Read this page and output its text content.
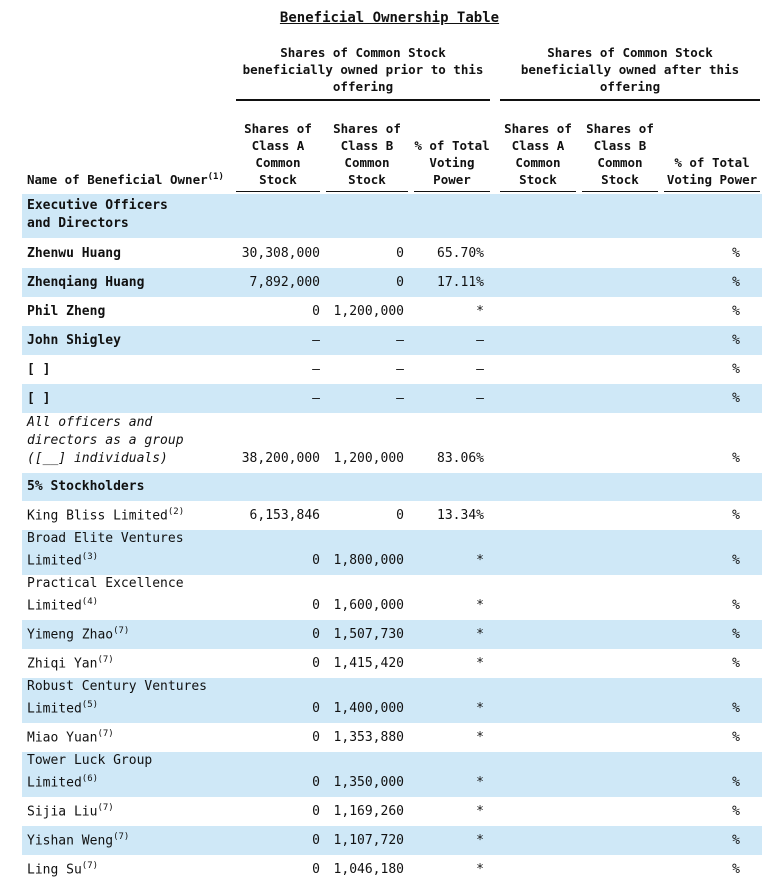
Beneficial Ownership Table
Shares of Common Stock beneficially owned prior to this offering
Shares of Common Stock beneficially owned after this offering
Name of Beneficial Owner$^{(1)}$
Shares of Class A Common Stock
Shares of Class B Common Stock
% of Total Voting Power
Shares of Class A Common Stock
Shares of Class B Common Stock
% of Total Voting Power
Executive Officers
and Directors
Zhenwu Huang	30,308,000	0	65.70%	%
Zhenqiang Huang	7,892,000	0	17.11%	%
Phil Zheng	0	1,200,000	*	%
John Shigley	—	—	—	%
[ ]	—	—	—	%
[ ]	—	—	—	%
All officers and
directors as a group
([__] individuals)	38,200,000	1,200,000	83.06%	%
5% Stockholders
King Bliss Limited$^{(2)}$	6,153,846	0	13.34%	%
Broad Elite Ventures
Limited$^{(3)}$	0	1,800,000	*	%
Practical Excellence
Limited$^{(4)}$	0	1,600,000	*	%
Yimeng Zhao$^{(7)}$	0	1,507,730	*	%
Zhiqi Yan$^{(7)}$	0	1,415,420	*	%
Robust Century Ventures
Limited$^{(5)}$	0	1,400,000	*	%
Miao Yuan$^{(7)}$	0	1,353,880	*	%
Tower Luck Group
Limited$^{(6)}$	0	1,350,000	*	%
Sijia Liu$^{(7)}$	0	1,169,260	*	%
Yishan Weng$^{(7)}$	0	1,107,720	*	%
Ling Su$^{(7)}$	0	1,046,180	*	%
